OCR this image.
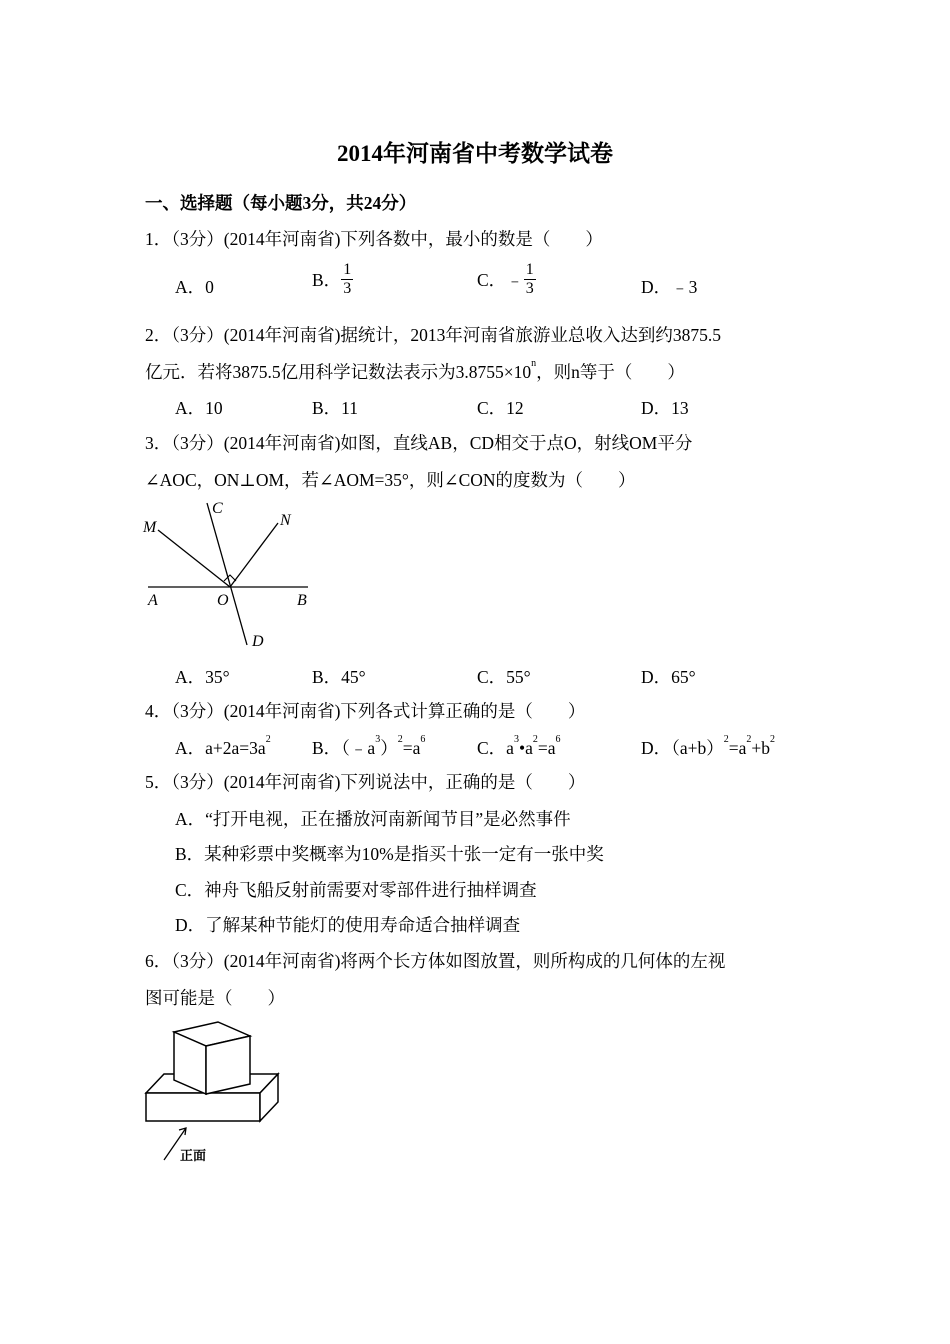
2014年河南省中考数学试卷
一、选择题（每小题3分，共24分）
1．（3分）(2014年河南省)下列各数中，最小的数是（　　）
A．0	B． $\frac{1}{3}$	C．﹣ $\frac{1}{3}$	D．﹣3
2．（3分）(2014年河南省)据统计，2013年河南省旅游业总收入达到约3875.5
亿元．若将3875.5亿用科学记数法表示为$3.8755\times 10^n$，则n等于（　　）
A．10	B．11	C．12	D．13
3．（3分）(2014年河南省)如图，直线AB，CD相交于点O，射线OM平分
∠AOC，ON⊥OM，若∠AOM=35°，则∠CON的度数为（　　）
M
C
N
A	O	B
D
A．35°	B．45°	C．55°	D．65°
4．（3分）(2014年河南省)下列各式计算正确的是（　　）
A．$a+2a=3a^2$ B．$(﹣a^3)^2=a^6$	C．$a^3•a^2=a^6$	D．$(a+b)^2=a^2+b^2$
5．（3分）(2014年河南省)下列说法中，正确的是（　　）
A．“打开电视，正在播放河南新闻节目”是必然事件
B．某种彩票中奖概率为10%是指买十张一定有一张中奖
C．神舟飞船反射前需要对零部件进行抽样调查
D．了解某种节能灯的使用寿命适合抽样调查
6．（3分）(2014年河南省)将两个长方体如图放置，则所构成的几何体的左视
图可能是（　　）
正面
